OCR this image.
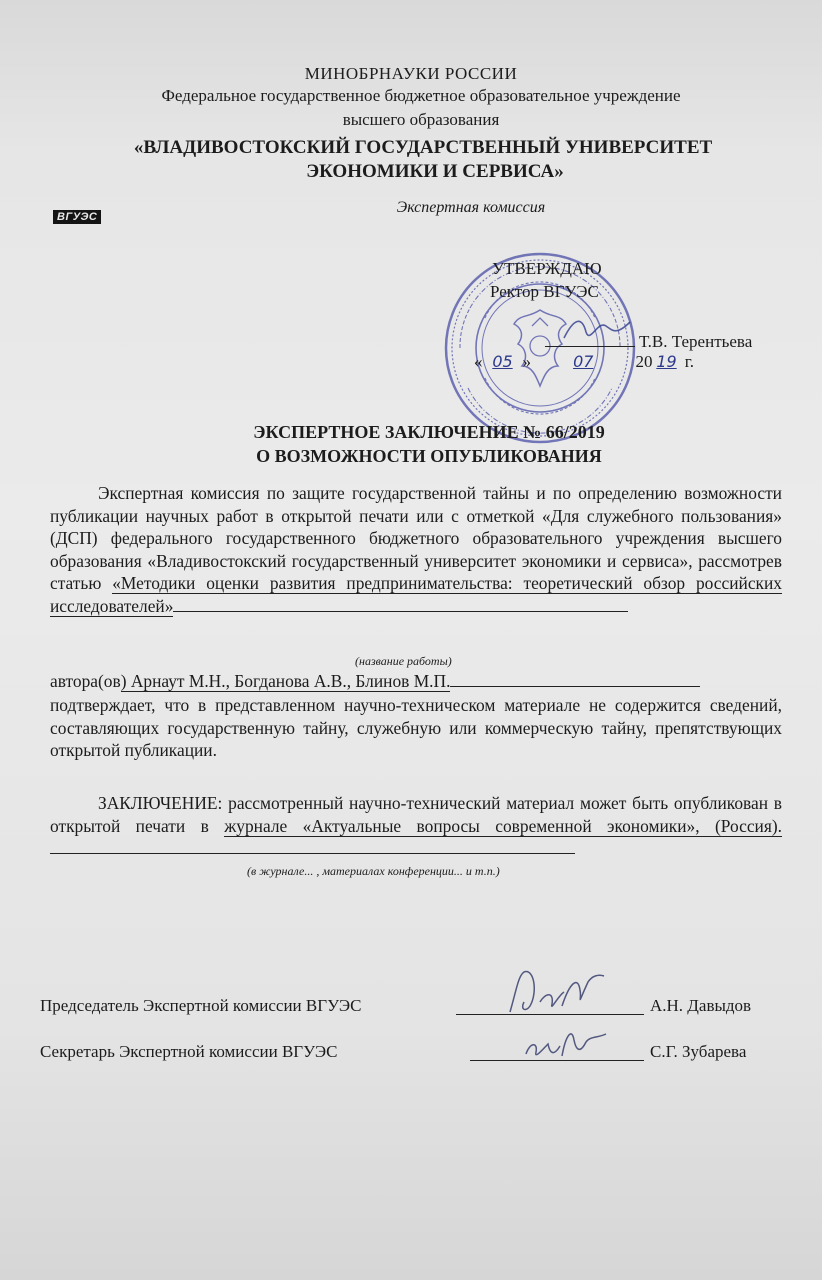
МИНОБРНАУКИ РОССИИ
Федеральное государственное бюджетное образовательное учреждение
высшего образования
«ВЛАДИВОСТОКСКИЙ ГОСУДАРСТВЕННЫЙ УНИВЕРСИТЕТ
ЭКОНОМИКИ И СЕРВИСА»
ВГУЭС
Экспертная комиссия
УТВЕРЖДАЮ
Ректор ВГУЭС
Т.В. Терентьева
« 05 »	07 20 19 г.
ЭКСПЕРТНОЕ ЗАКЛЮЧЕНИЕ № 66/2019
О ВОЗМОЖНОСТИ ОПУБЛИКОВАНИЯ
Экспертная комиссия по защите государственной тайны и по определению возможности публикации научных работ в открытой печати или с отметкой «Для служебного пользования» (ДСП) федерального государственного бюджетного образовательного учреждения высшего образования «Владивостокский государственный университет экономики и сервиса», рассмотрев статью «Методики оценки развития предпринимательства: теоретический обзор российских исследователей»
(название работы)
автора(ов) Арнаут М.Н., Богданова А.В., Блинов М.П.
подтверждает, что в представленном научно-техническом материале не содержится сведений, составляющих государственную тайну, служебную или коммерческую тайну, препятствующих открытой публикации.
ЗАКЛЮЧЕНИЕ: рассмотренный научно-технический материал может быть опубликован в открытой печати в журнале «Актуальные вопросы современной экономики», (Россия).
(в журнале... , материалах конференции... и т.п.)
Председатель Экспертной комиссии ВГУЭС	А.Н. Давыдов
Секретарь Экспертной комиссии ВГУЭС	С.Г. Зубарева
